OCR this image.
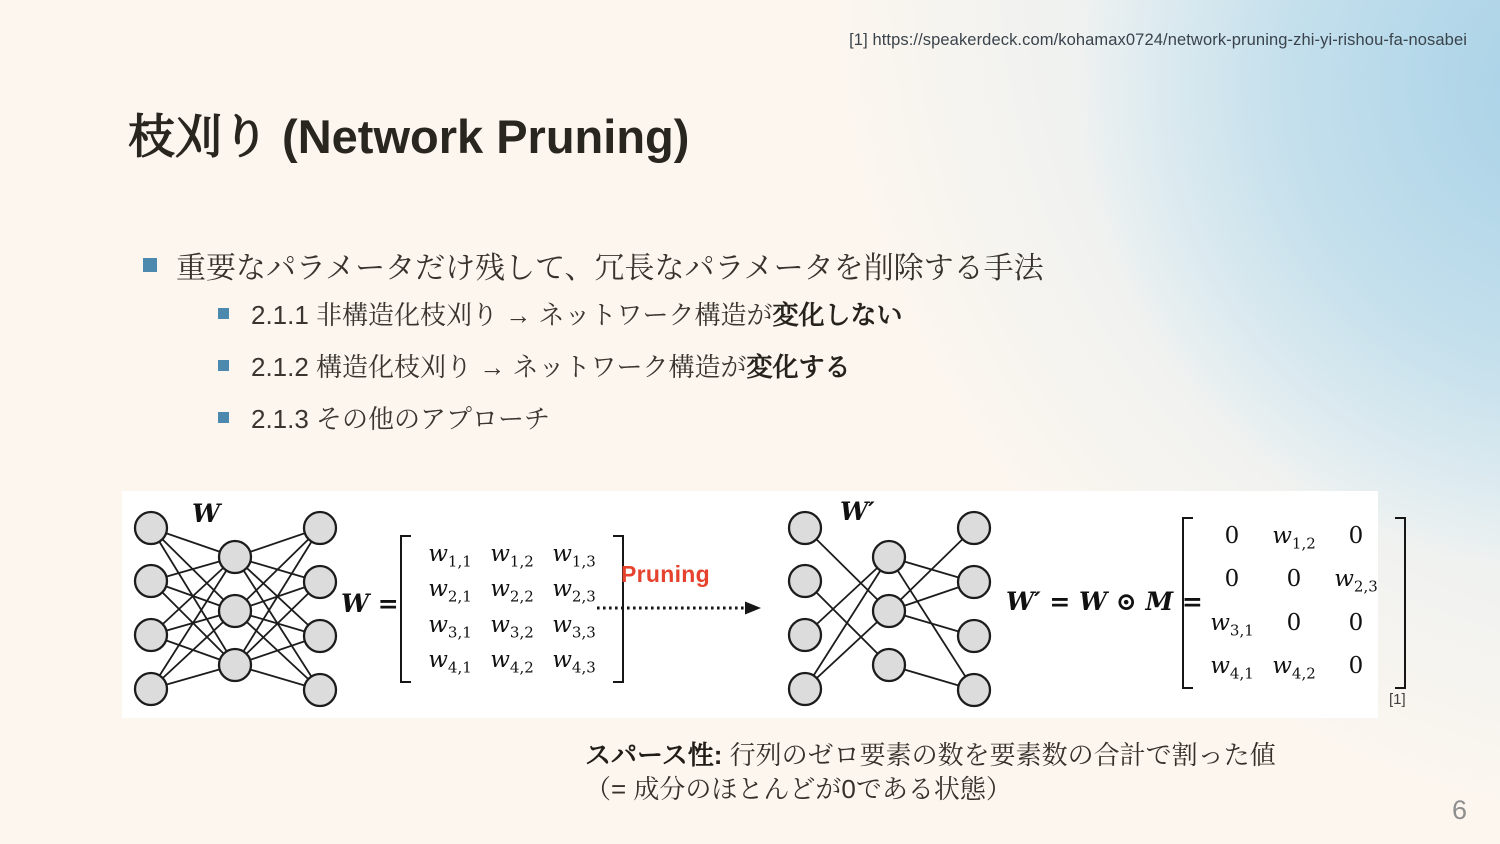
[1] https://speakerdeck.com/kohamax0724/network-pruning-zhi-yi-rishou-fa-nosabei
枝刈り (Network Pruning)
重要なパラメータだけ残して、冗長なパラメータを削除する手法
2.1.1 非構造化枝刈り → ネットワーク構造が変化しない
2.1.2 構造化枝刈り → ネットワーク構造が変化する
2.1.3 その他のアプローチ
W
W =
$w_{1,1}$ $w_{1,2}$ $w_{1,3}$
$w_{2,1}$ $w_{2,2}$ $w_{2,3}$
$w_{3,1}$ $w_{3,2}$ $w_{3,3}$
$w_{4,1}$ $w_{4,2}$ $w_{4,3}$
Pruning
W′
W′ = W ⊙ M =
0 $w_{1,2}$ 0
0 0 $w_{2,3}$
$w_{3,1}$ 0 0
$w_{4,1}$ $w_{4,2}$ 0
[1]
スパース性: 行列のゼロ要素の数を要素数の合計で割った値
（= 成分のほとんどが0である状態）
6
